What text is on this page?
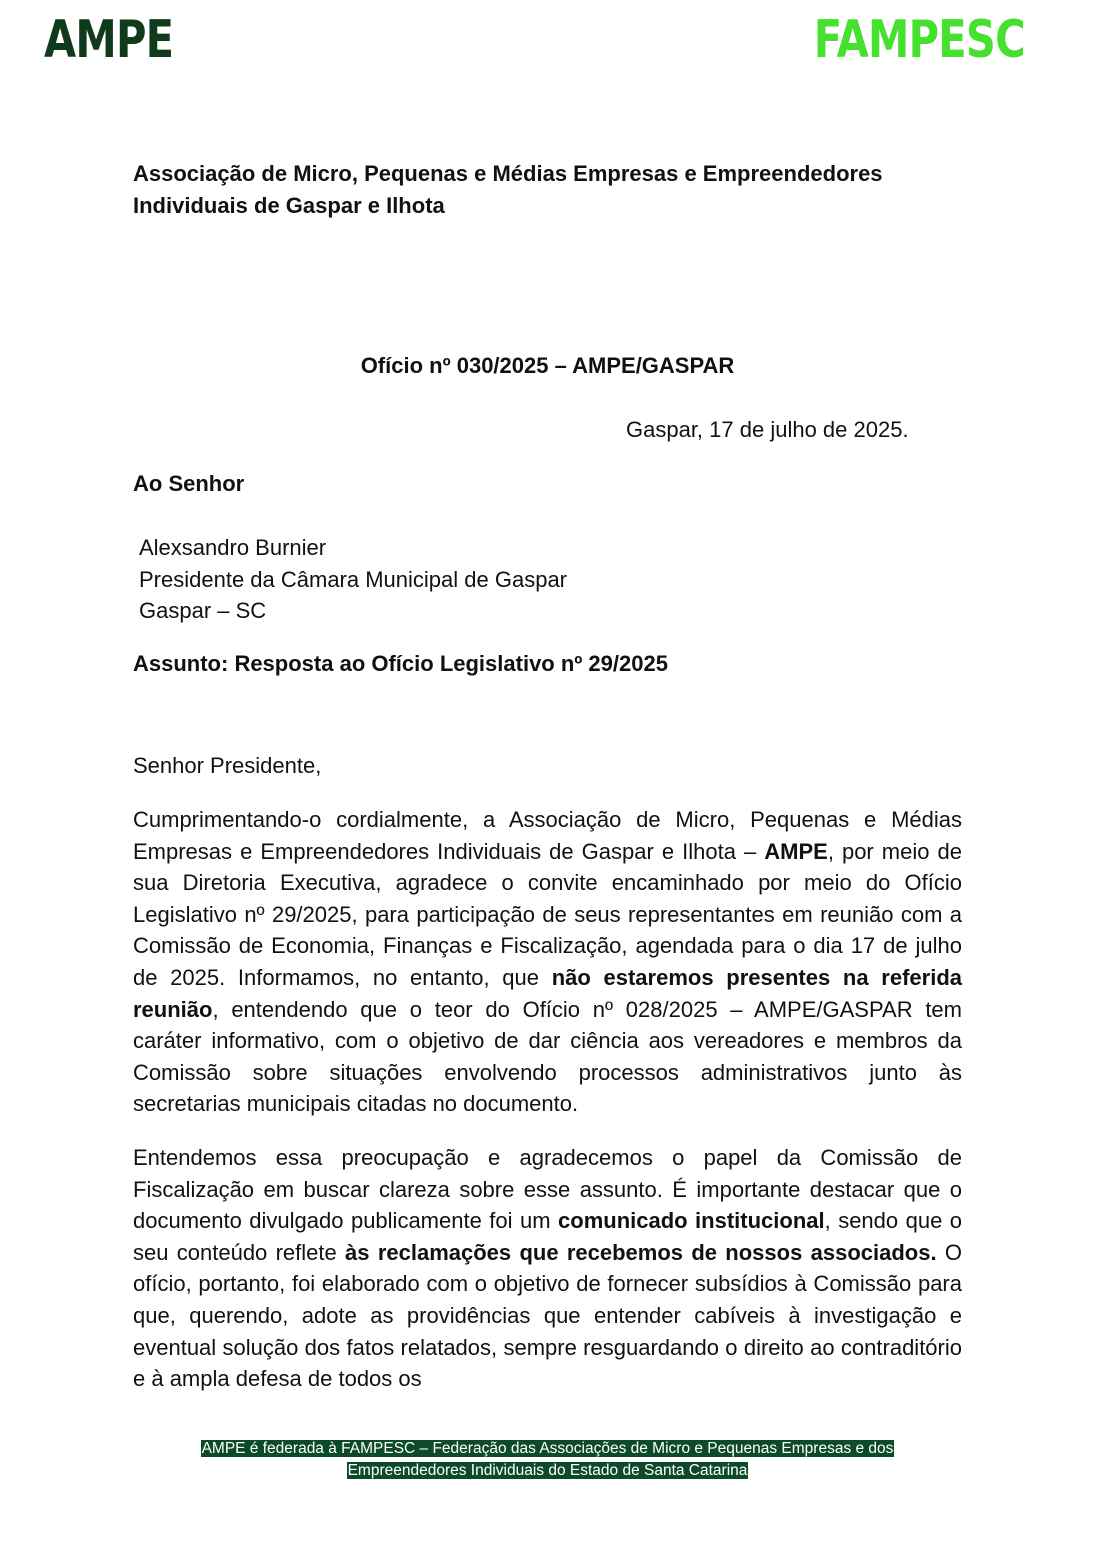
AMPE	FAMPESC
Associação de Micro, Pequenas e Médias Empresas e Empreendedores
Individuais de Gaspar e Ilhota
Ofício nº 030/2025 – AMPE/GASPAR
Gaspar, 17 de julho de 2025.
Ao Senhor
Alexsandro Burnier
Presidente da Câmara Municipal de Gaspar
Gaspar – SC
Assunto: Resposta ao Ofício Legislativo nº 29/2025
Senhor Presidente,
Cumprimentando-o cordialmente, a Associação de Micro, Pequenas e Médias Empresas e Empreendedores Individuais de Gaspar e Ilhota – AMPE, por meio de sua Diretoria Executiva, agradece o convite encaminhado por meio do Ofício Legislativo nº 29/2025, para participação de seus representantes em reunião com a Comissão de Economia, Finanças e Fiscalização, agendada para o dia 17 de julho de 2025. Informamos, no entanto, que não estaremos presentes na referida reunião, entendendo que o teor do Ofício nº 028/2025 – AMPE/GASPAR tem caráter informativo, com o objetivo de dar ciência aos vereadores e membros da Comissão sobre situações envolvendo processos administrativos junto às secretarias municipais citadas no documento.
Entendemos essa preocupação e agradecemos o papel da Comissão de Fiscalização em buscar clareza sobre esse assunto. É importante destacar que o documento divulgado publicamente foi um comunicado institucional, sendo que o seu conteúdo reflete às reclamações que recebemos de nossos associados. O ofício, portanto, foi elaborado com o objetivo de fornecer subsídios à Comissão para que, querendo, adote as providências que entender cabíveis à investigação e eventual solução dos fatos relatados, sempre resguardando o direito ao contraditório e à ampla defesa de todos os
AMPE é federada à FAMPESC – Federação das Associações de Micro e Pequenas Empresas e dos
Empreendedores Individuais do Estado de Santa Catarina
